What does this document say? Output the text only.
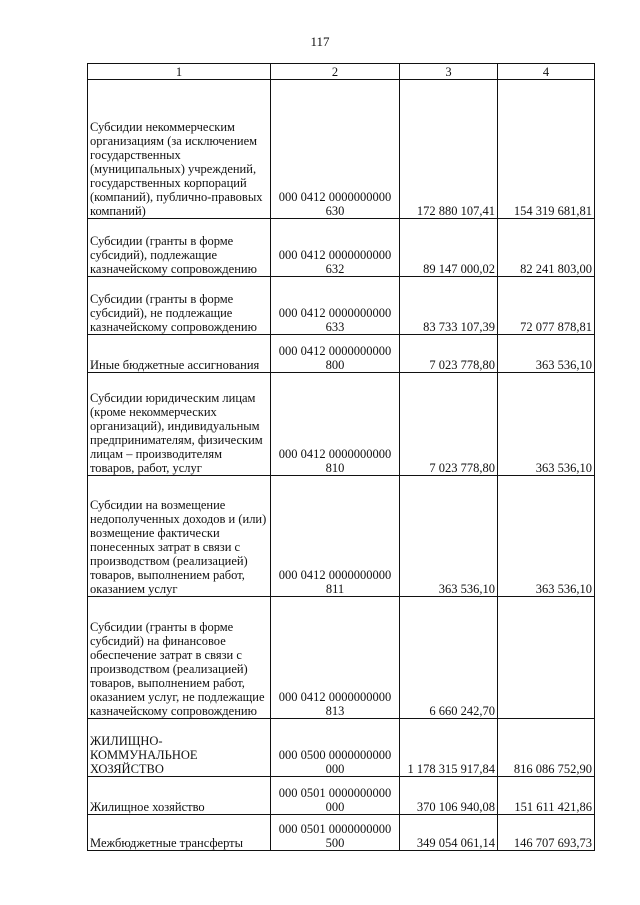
117
1	2	3	4
Субсидии некоммерческим организациям (за исключением государственных (муниципальных) учреждений, государственных корпораций (компаний), публично-правовых компаний)	000 0412 0000000000 630	172 880 107,41	154 319 681,81
Субсидии (гранты в форме субсидий), подлежащие казначейскому сопровождению	000 0412 0000000000 632	89 147 000,02	82 241 803,00
Субсидии (гранты в форме субсидий), не подлежащие казначейскому сопровождению	000 0412 0000000000 633	83 733 107,39	72 077 878,81
Иные бюджетные ассигнования	000 0412 0000000000 800	7 023 778,80	363 536,10
Субсидии юридическим лицам (кроме некоммерческих организаций), индивидуальным предпринимателям, физическим лицам – производителям товаров, работ, услуг	000 0412 0000000000 810	7 023 778,80	363 536,10
Субсидии на возмещение недополученных доходов и (или) возмещение фактически понесенных затрат в связи с производством (реализацией) товаров, выполнением работ, оказанием услуг	000 0412 0000000000 811	363 536,10	363 536,10
Субсидии (гранты в форме субсидий) на финансовое обеспечение затрат в связи с производством (реализацией) товаров, выполнением работ, оказанием услуг, не подлежащие казначейскому сопровождению	000 0412 0000000000 813	6 660 242,70	
ЖИЛИЩНО-КОММУНАЛЬНОЕ ХОЗЯЙСТВО	000 0500 0000000000 000	1 178 315 917,84	816 086 752,90
Жилищное хозяйство	000 0501 0000000000 000	370 106 940,08	151 611 421,86
Межбюджетные трансферты	000 0501 0000000000 500	349 054 061,14	146 707 693,73
